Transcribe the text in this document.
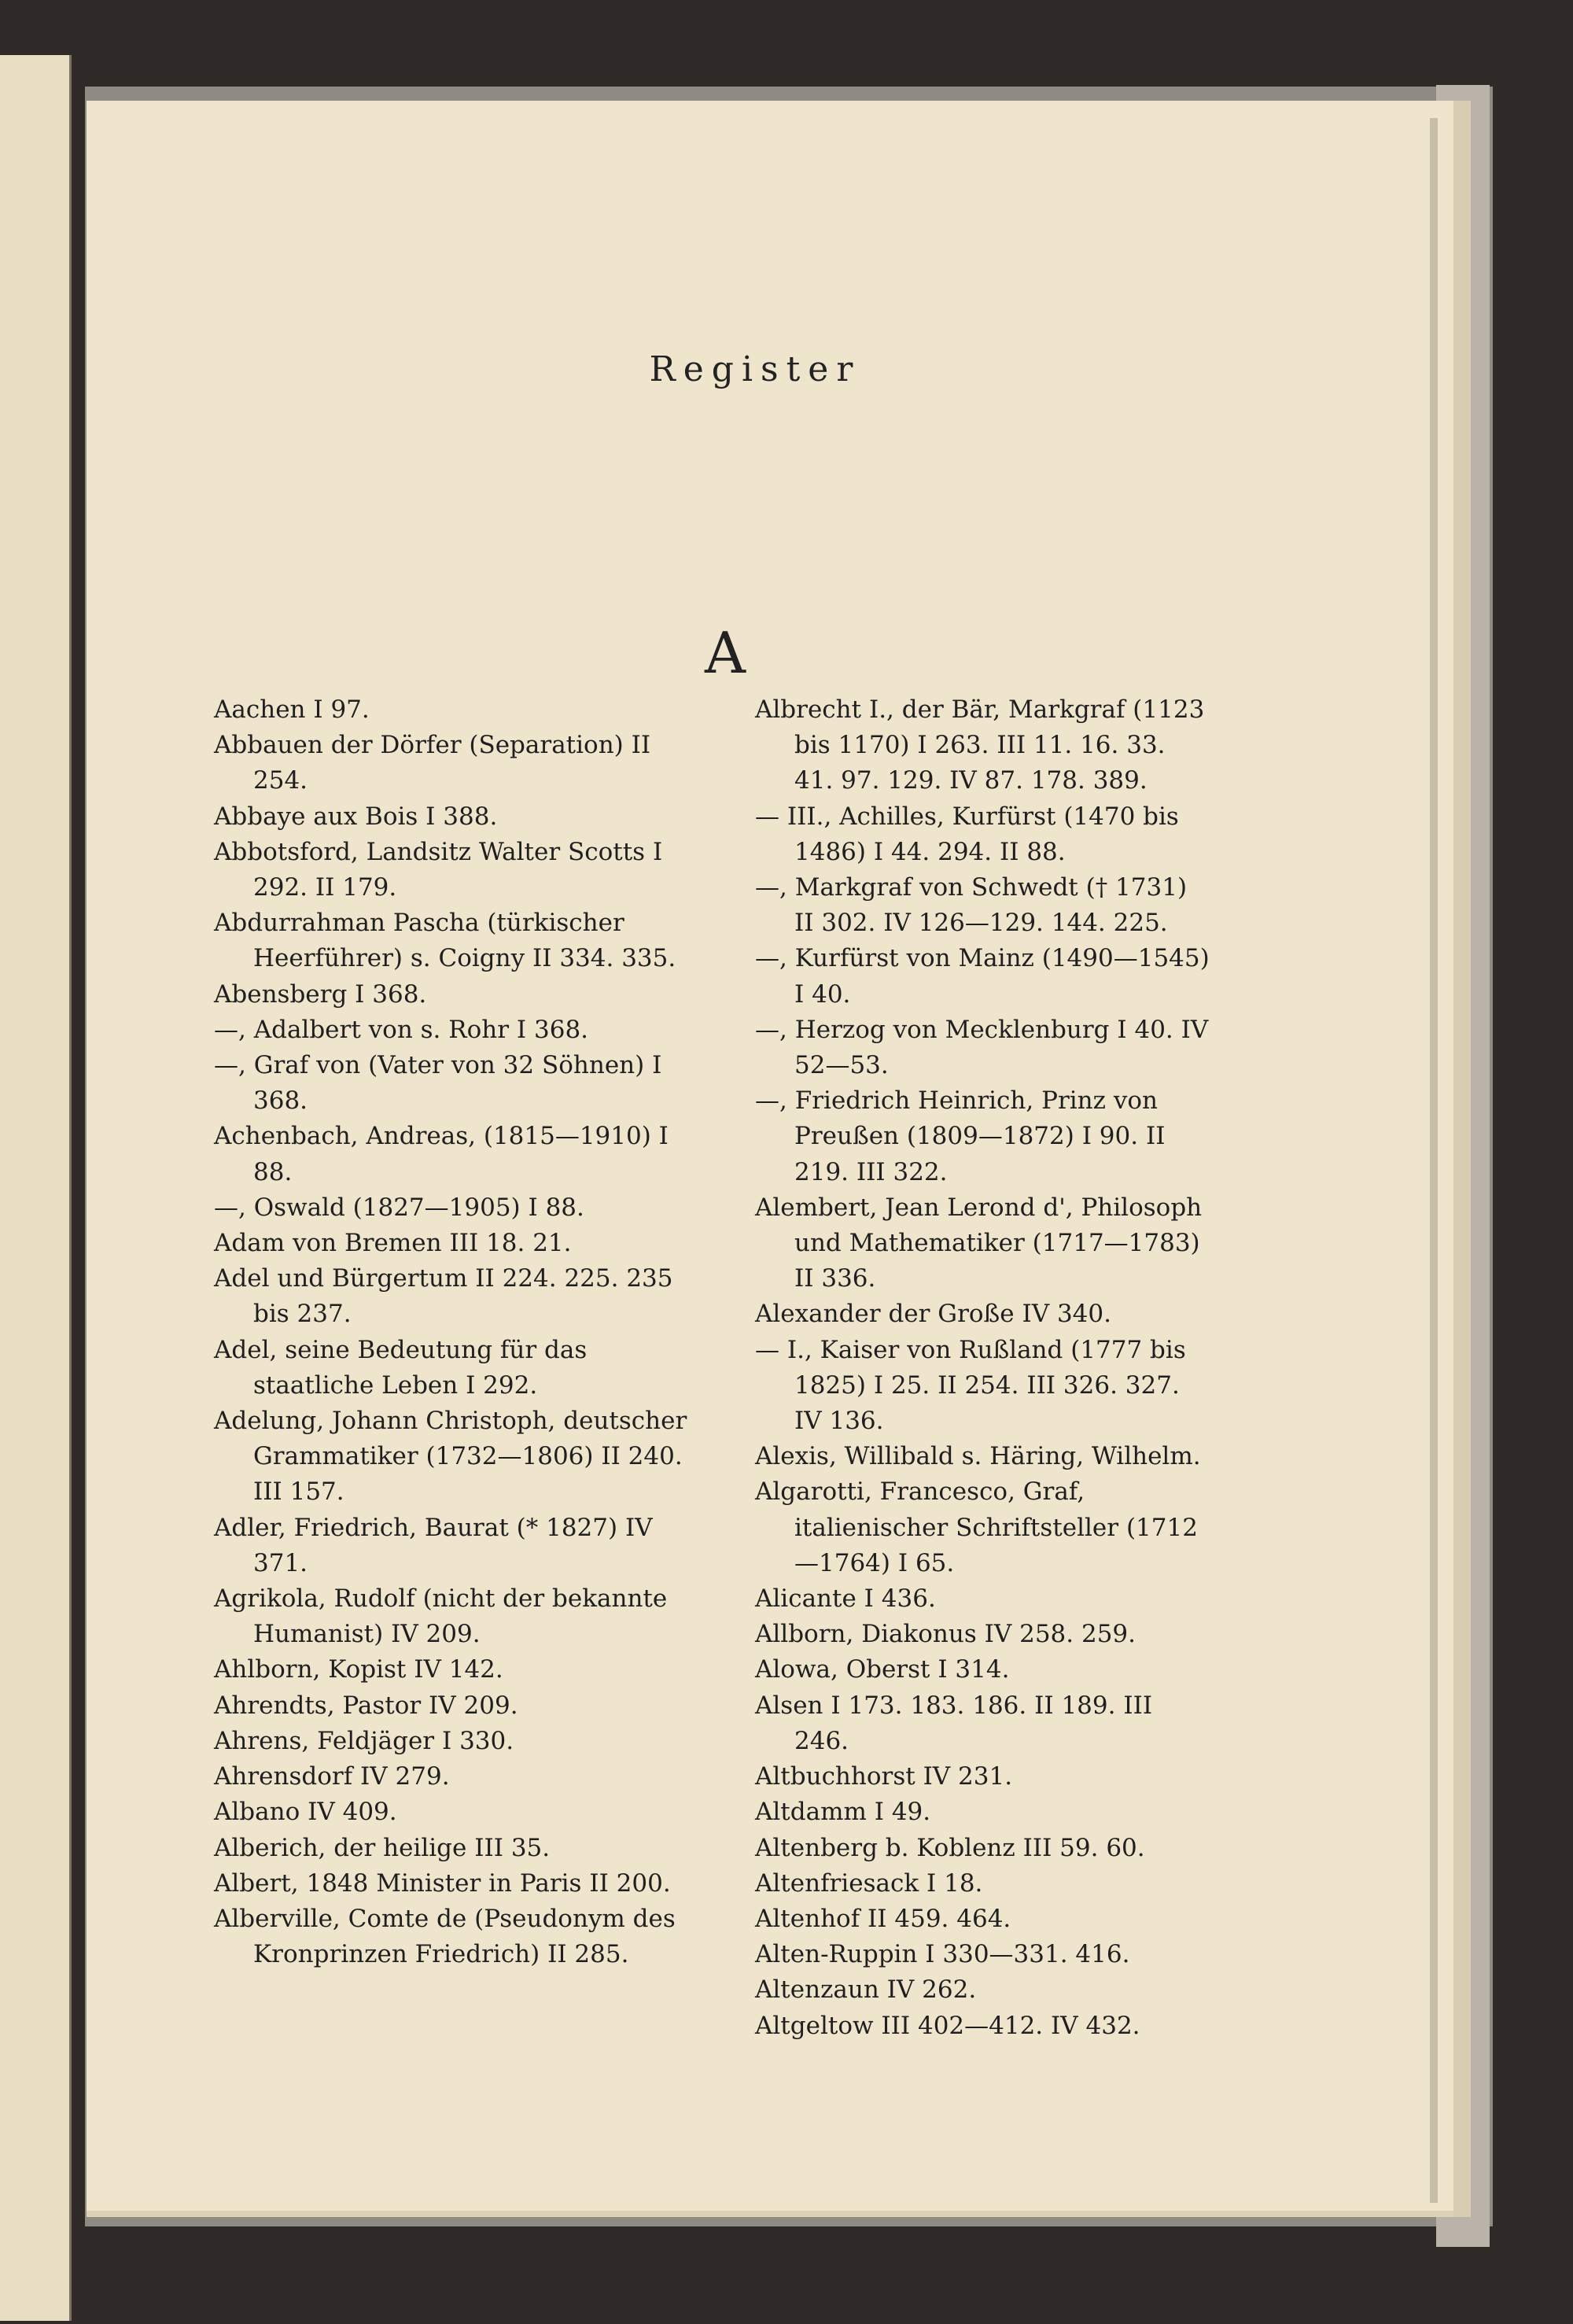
Register
A
Aachen I 97.
Abbauen der Dörfer (Separation) II 254.
Abbaye aux Bois I 388.
Abbotsford, Landsitz Walter Scotts I 292. II 179.
Abdurrahman Pascha (türkischer Heerführer) s. Coigny II 334. 335.
Abensberg I 368.
—, Adalbert von s. Rohr I 368.
—, Graf von (Vater von 32 Söhnen) I 368.
Achenbach, Andreas, (1815—1910) I 88.
—, Oswald (1827—1905) I 88.
Adam von Bremen III 18. 21.
Adel und Bürgertum II 224. 225. 235 bis 237.
Adel, seine Bedeutung für das staatliche Leben I 292.
Adelung, Johann Christoph, deutscher Grammatiker (1732—1806) II 240. III 157.
Adler, Friedrich, Baurat (* 1827) IV 371.
Agrikola, Rudolf (nicht der bekannte Humanist) IV 209.
Ahlborn, Kopist IV 142.
Ahrendts, Pastor IV 209.
Ahrens, Feldjäger I 330.
Ahrensdorf IV 279.
Albano IV 409.
Alberich, der heilige III 35.
Albert, 1848 Minister in Paris II 200.
Alberville, Comte de (Pseudonym des Kronprinzen Friedrich) II 285.
Albrecht I., der Bär, Markgraf (1123 bis 1170) I 263. III 11. 16. 33. 41. 97. 129. IV 87. 178. 389.
— III., Achilles, Kurfürst (1470 bis 1486) I 44. 294. II 88.
—, Markgraf von Schwedt († 1731) II 302. IV 126—129. 144. 225.
—, Kurfürst von Mainz (1490—1545) I 40.
—, Herzog von Mecklenburg I 40. IV 52—53.
—, Friedrich Heinrich, Prinz von Preußen (1809—1872) I 90. II 219. III 322.
Alembert, Jean Lerond d', Philosoph und Mathematiker (1717—1783) II 336.
Alexander der Große IV 340.
— I., Kaiser von Rußland (1777 bis 1825) I 25. II 254. III 326. 327. IV 136.
Alexis, Willibald s. Häring, Wilhelm.
Algarotti, Francesco, Graf, italienischer Schriftsteller (1712—1764) I 65.
Alicante I 436.
Allborn, Diakonus IV 258. 259.
Alowa, Oberst I 314.
Alsen I 173. 183. 186. II 189. III 246.
Altbuchhorst IV 231.
Altdamm I 49.
Altenberg b. Koblenz III 59. 60.
Altenfriesack I 18.
Altenhof II 459. 464.
Alten-Ruppin I 330—331. 416.
Altenzaun IV 262.
Altgeltow III 402—412. IV 432.
